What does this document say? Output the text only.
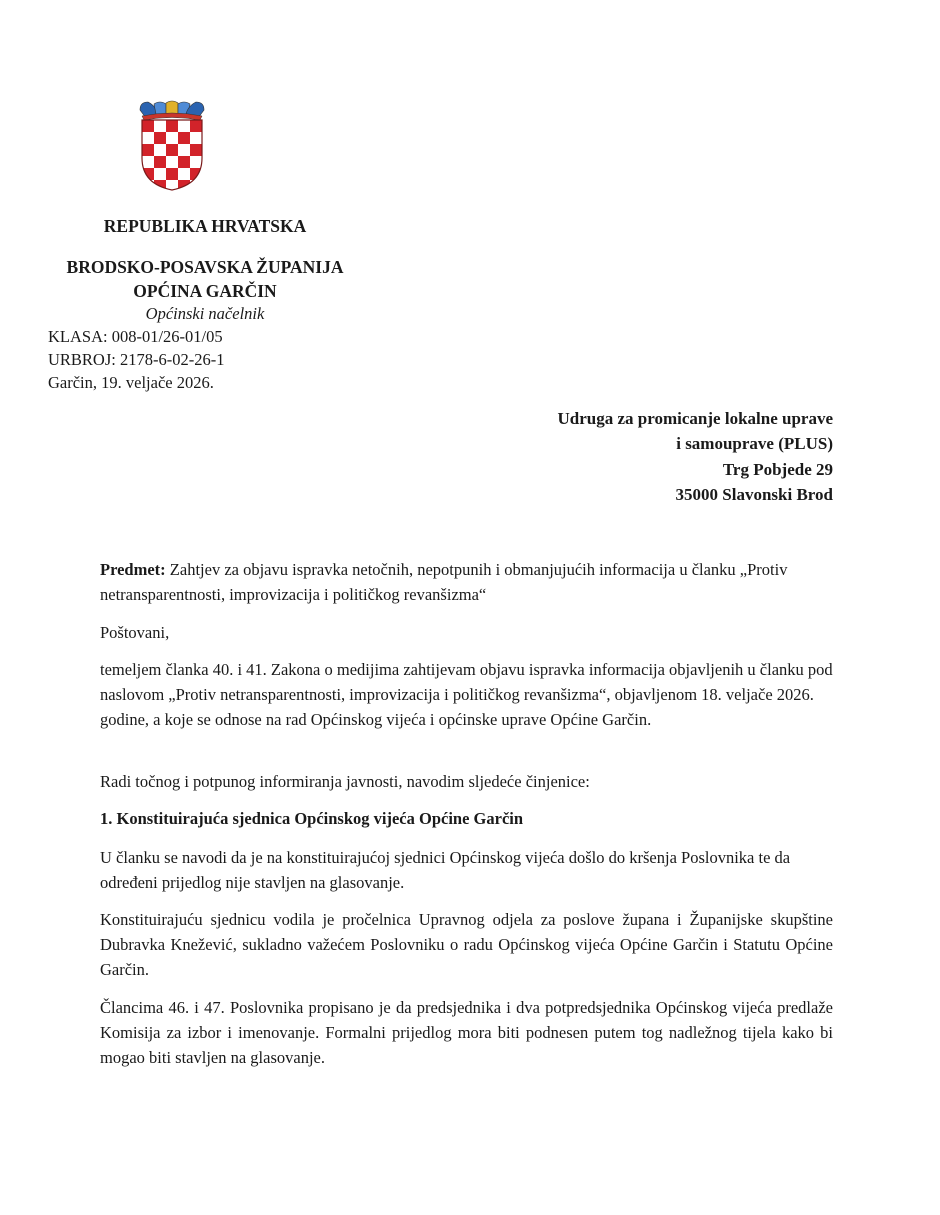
REPUBLIKA HRVATSKA
BRODSKO-POSAVSKA ŽUPANIJA
OPĆINA GARČIN
Općinski načelnik
KLASA: 008-01/26-01/05
URBROJ: 2178-6-02-26-1
Garčin, 19. veljače 2026.
Udruga za promicanje lokalne uprave
i samouprave (PLUS)
Trg Pobjede 29
35000 Slavonski Brod

Predmet: Zahtjev za objavu ispravka netočnih, nepotpunih i obmanjujućih informacija u članku „Protiv netransparentnosti, improvizacija i političkog revanšizma“

Poštovani,

temeljem članka 40. i 41. Zakona o medijima zahtijevam objavu ispravka informacija objavljenih u članku pod naslovom „Protiv netransparentnosti, improvizacija i političkog revanšizma“, objavljenom 18. veljače 2026. godine, a koje se odnose na rad Općinskog vijeća i općinske uprave Općine Garčin.

Radi točnog i potpunog informiranja javnosti, navodim sljedeće činjenice:

1. Konstituirajuća sjednica Općinskog vijeća Općine Garčin

U članku se navodi da je na konstituirajućoj sjednici Općinskog vijeća došlo do kršenja Poslovnika te da određeni prijedlog nije stavljen na glasovanje.

Konstituirajuću sjednicu vodila je pročelnica Upravnog odjela za poslove župana i Županijske skupštine Dubravka Knežević, sukladno važećem Poslovniku o radu Općinskog vijeća Općine Garčin i Statutu Općine Garčin.

Člancima 46. i 47. Poslovnika propisano je da predsjednika i dva potpredsjednika Općinskog vijeća predlaže Komisija za izbor i imenovanje. Formalni prijedlog mora biti podnesen putem tog nadležnog tijela kako bi mogao biti stavljen na glasovanje.
